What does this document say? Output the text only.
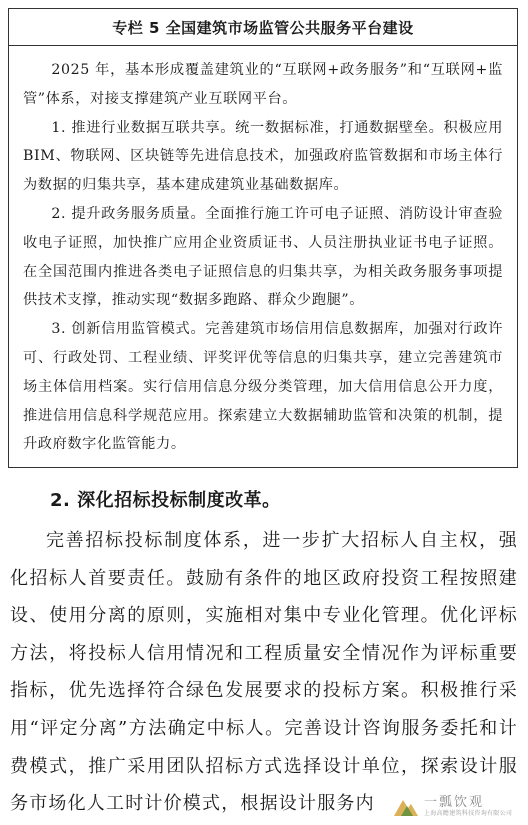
专栏 5 全国建筑市场监管公共服务平台建设

2025 年，基本形成覆盖建筑业的“互联网+政务服务”和“互联网+监管”体系，对接支撑建筑产业互联网平台。

1. 推进行业数据互联共享。统一数据标准，打通数据壁垒。积极应用 BIM、物联网、区块链等先进信息技术，加强政府监管数据和市场主体行为数据的归集共享，基本建成建筑业基础数据库。

2. 提升政务服务质量。全面推行施工许可电子证照、消防设计审查验收电子证照，加快推广应用企业资质证书、人员注册执业证书电子证照。在全国范围内推进各类电子证照信息的归集共享，为相关政务服务事项提供技术支撑，推动实现“数据多跑路、群众少跑腿”。

3. 创新信用监管模式。完善建筑市场信用信息数据库，加强对行政许可、行政处罚、工程业绩、评奖评优等信息的归集共享，建立完善建筑市场主体信用档案。实行信用信息分级分类管理，加大信用信息公开力度，推进信用信息科学规范应用。探索建立大数据辅助监管和决策的机制，提升政府数字化监管能力。

2. 深化招标投标制度改革。

完善招标投标制度体系，进一步扩大招标人自主权，强化招标人首要责任。鼓励有条件的地区政府投资工程按照建设、使用分离的原则，实施相对集中专业化管理。优化评标方法，将投标人信用情况和工程质量安全情况作为评标重要指标，优先选择符合绿色发展要求的投标方案。积极推行采用“评定分离”方法确定中标人。完善设计咨询服务委托和计费模式，推广采用团队招标方式选择设计单位，探索设计服务市场化人工时计价模式，根据设计服务内	一瓢饮观
上海高瞻建筑科技咨询有限公司
